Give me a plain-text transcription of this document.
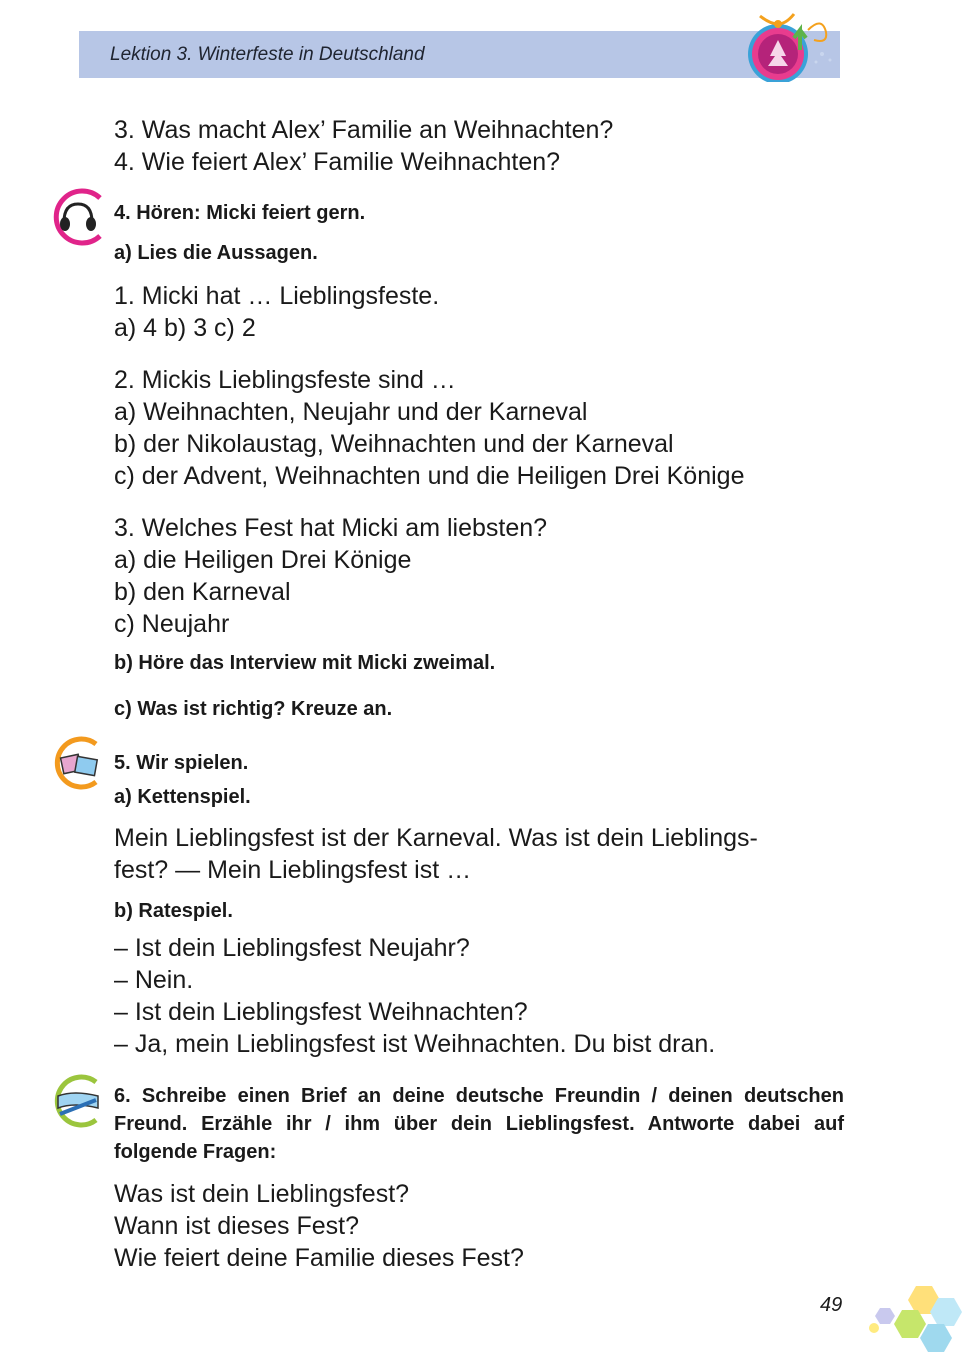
Lektion 3. Winterfeste in Deutschland

3. Was macht Alex’ Familie an Weihnachten?

4. Wie feiert Alex’ Familie Weihnachten?

4. Hören: Micki feiert gern.

a) Lies die Aussagen.

1. Micki hat … Lieblingsfeste.

a) 4 b) 3 c) 2

2. Mickis Lieblingsfeste sind …

a) Weihnachten, Neujahr und der Karneval

b) der Nikolaustag, Weihnachten und der Karneval

c) der Advent, Weihnachten und die Heiligen Drei Könige

3. Welches Fest hat Micki am liebsten?

a) die Heiligen Drei Könige

b) den Karneval

c) Neujahr

b) Höre das Interview mit Micki zweimal.

c) Was ist richtig? Kreuze an.

5. Wir spielen.

a) Kettenspiel.

Mein Lieblingsfest ist der Karneval. Was ist dein Lieblings-

fest? — Mein Lieblingsfest ist …

b) Ratespiel.

– Ist dein Lieblingsfest Neujahr?

– Nein.

– Ist dein Lieblingsfest Weihnachten?

– Ja, mein Lieblingsfest ist Weihnachten. Du bist dran.

6. Schreibe einen Brief an deine deutsche Freundin / deinen deutschen Freund. Erzähle ihr / ihm über dein Lieblingsfest. Antworte dabei auf folgende Fragen:

Was ist dein Lieblingsfest?

Wann ist dieses Fest?

Wie feiert deine Familie dieses Fest?

49
